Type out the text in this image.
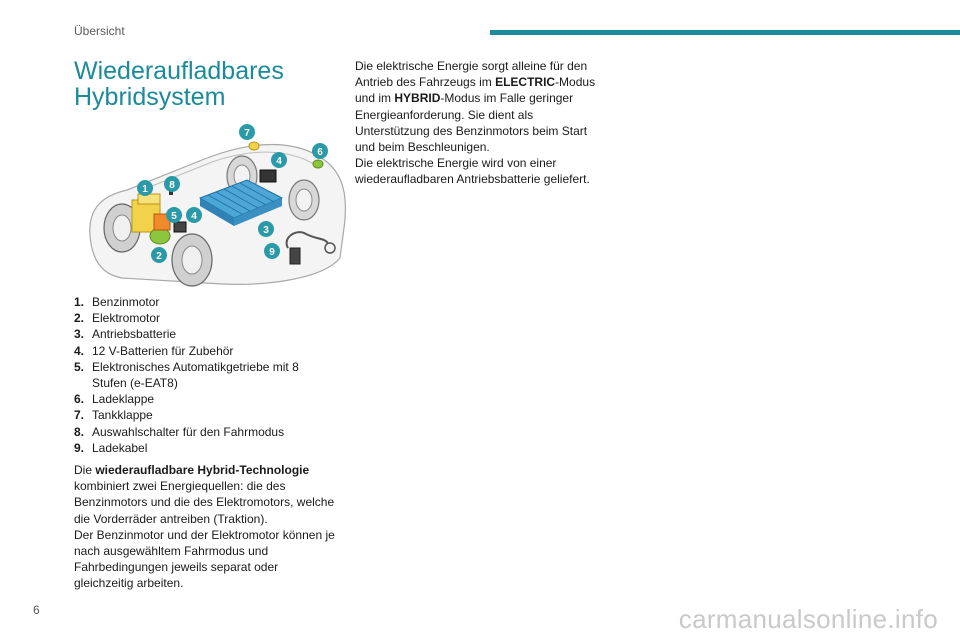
Übersicht
Wiederaufladbares Hybridsystem
1
2
3
4
4
5
6
7
8
9
1. Benzinmotor
2. Elektromotor
3. Antriebsbatterie
4. 12 V-Batterien für Zubehör
5. Elektronisches Automatikgetriebe mit 8 Stufen (e-EAT8)
6. Ladeklappe
7. Tankklappe
8. Auswahlschalter für den Fahrmodus
9. Ladekabel

Die wiederaufladbare Hybrid-Technologie kombiniert zwei Energiequellen: die des Benzinmotors und die des Elektromotors, welche die Vorderräder antreiben (Traktion).

Der Benzinmotor und der Elektromotor können je nach ausgewähltem Fahrmodus und Fahrbedingungen jeweils separat oder gleichzeitig arbeiten.

Die elektrische Energie sorgt alleine für den Antrieb des Fahrzeugs im ELECTRIC-Modus und im HYBRID-Modus im Falle geringer Energieanforderung. Sie dient als Unterstützung des Benzinmotors beim Start und beim Beschleunigen.

Die elektrische Energie wird von einer wiederaufladbaren Antriebsbatterie geliefert.

6	carmanualsonline.info
